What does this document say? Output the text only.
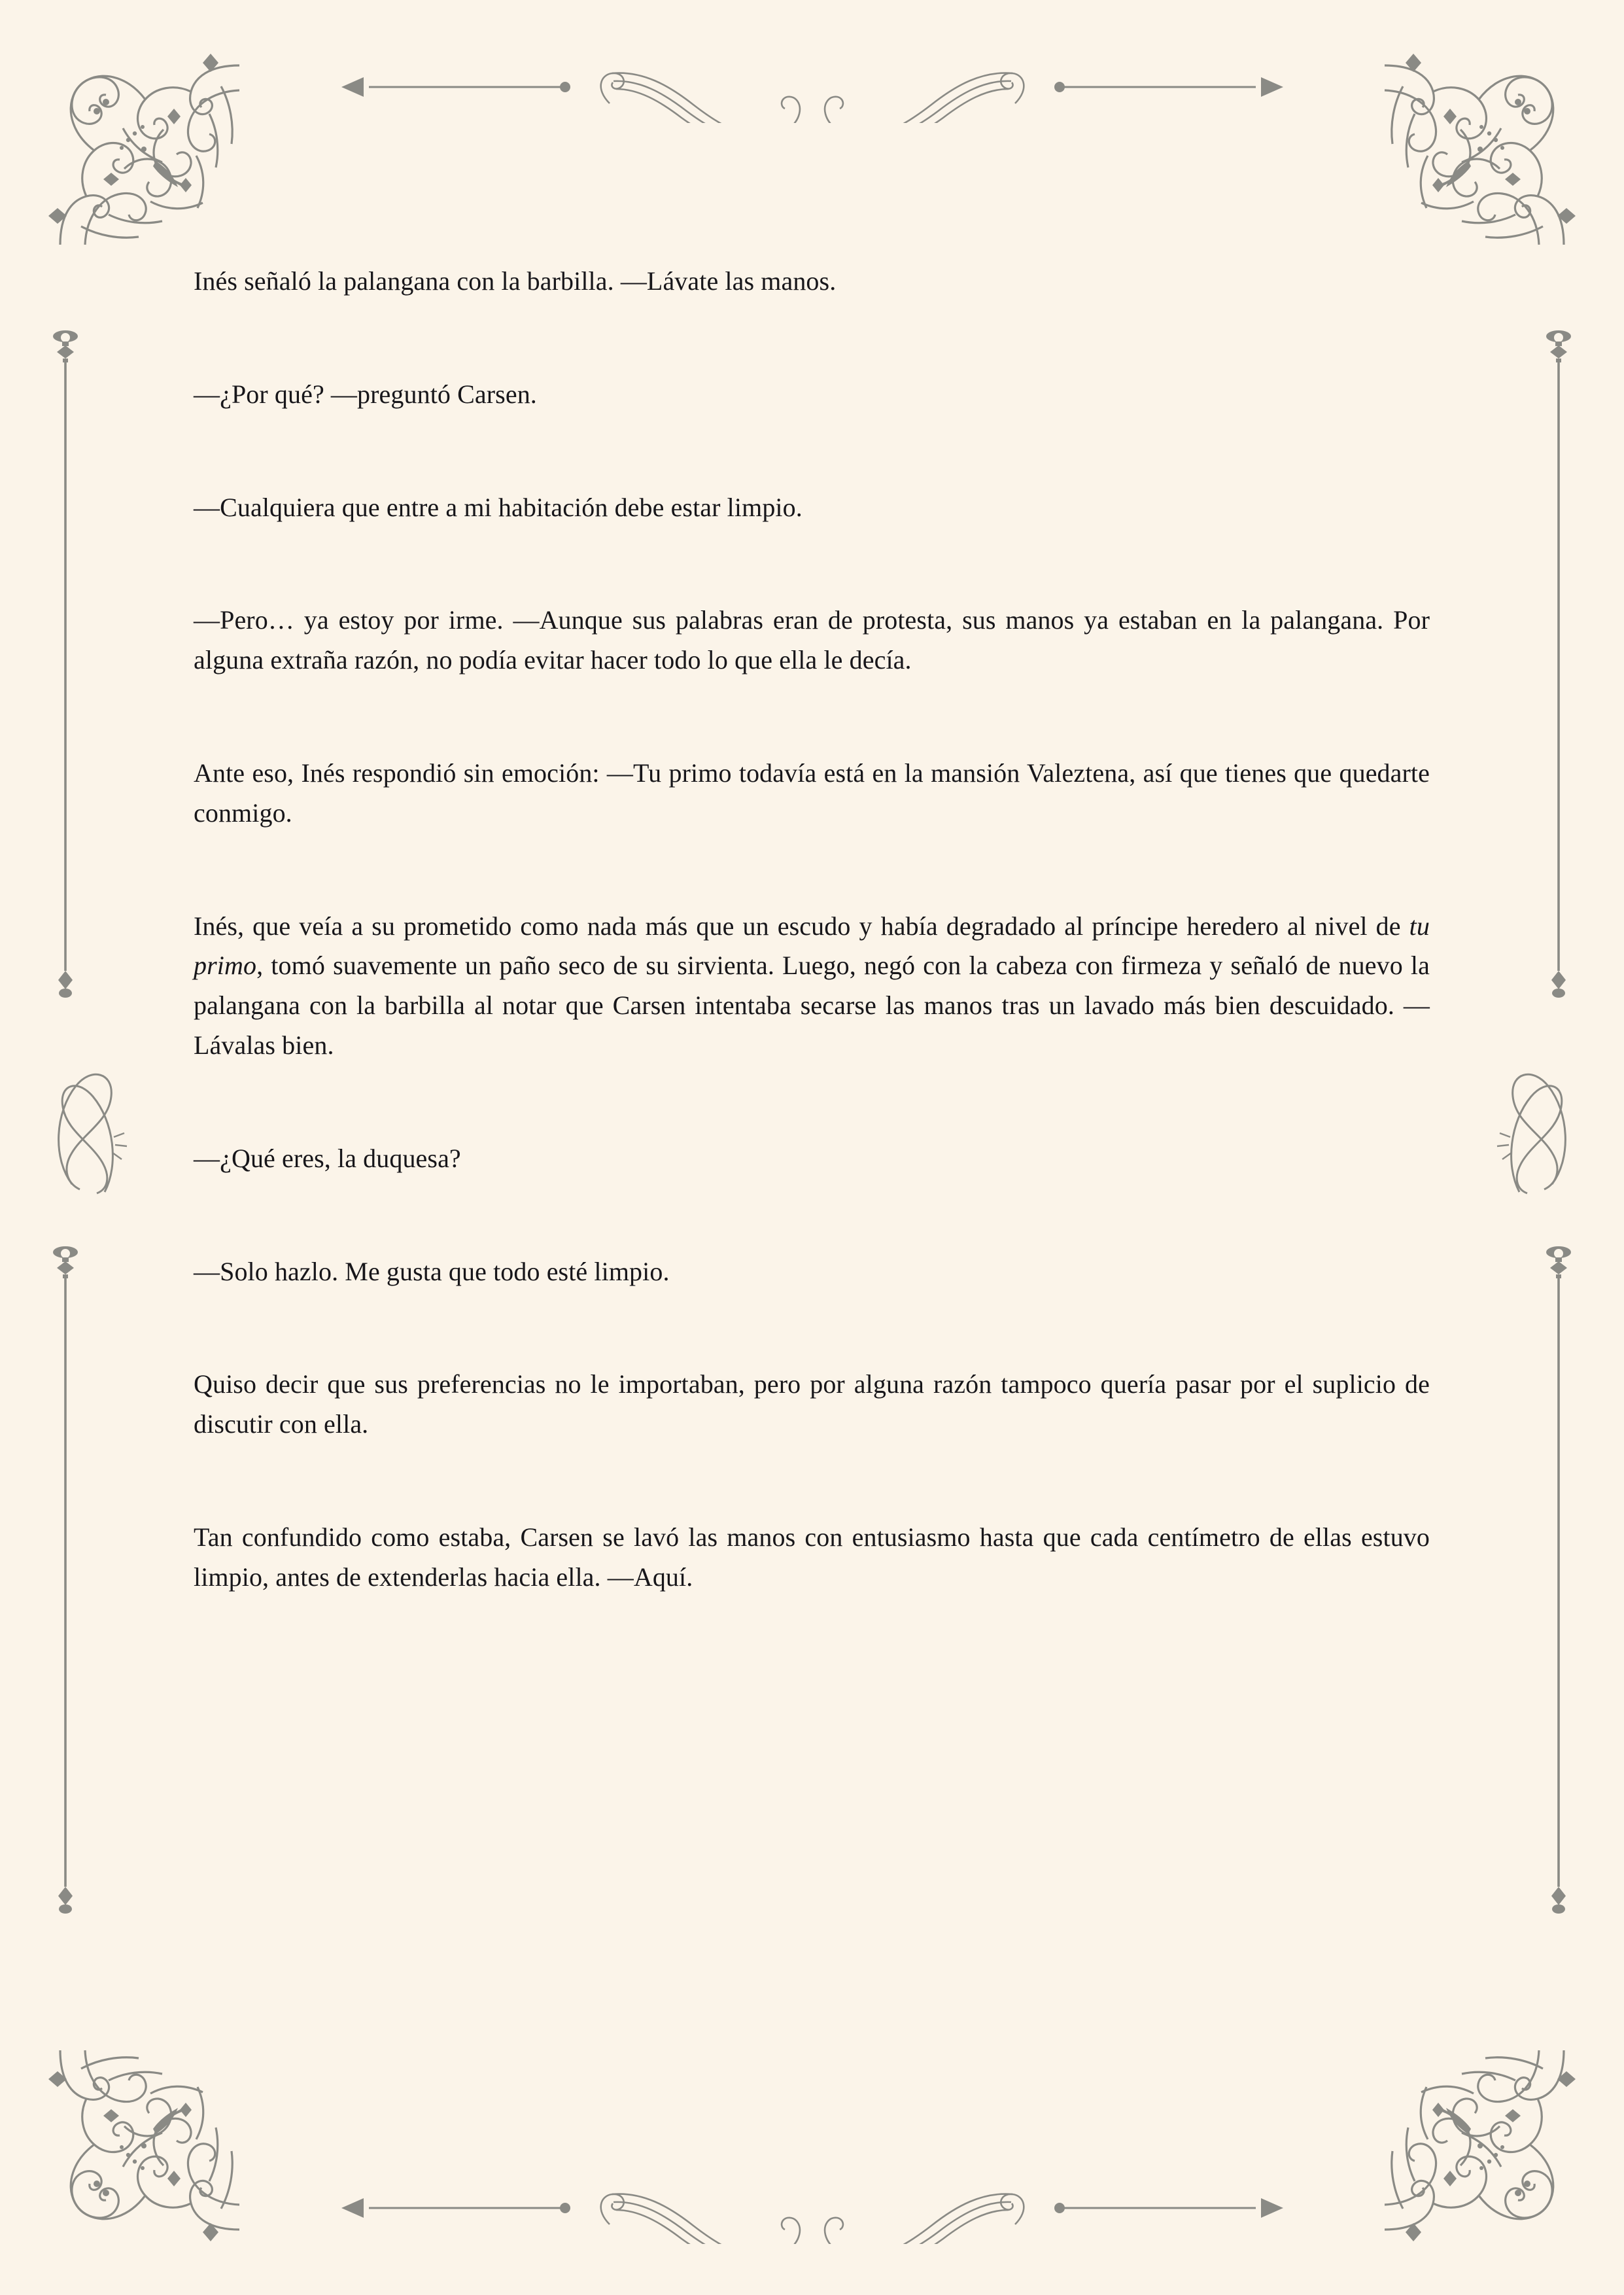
Inés señaló la palangana con la barbilla. —Lávate las manos.

—¿Por qué? —preguntó Carsen.

—Cualquiera que entre a mi habitación debe estar limpio.

—Pero… ya estoy por irme. —Aunque sus palabras eran de protesta, sus manos ya estaban en la palangana. Por alguna extraña razón, no podía evitar hacer todo lo que ella le decía.

Ante eso, Inés respondió sin emoción: —Tu primo todavía está en la mansión Valeztena, así que tienes que quedarte conmigo.

Inés, que veía a su prometido como nada más que un escudo y había degradado al príncipe heredero al nivel de tu primo, tomó suavemente un paño seco de su sirvienta. Luego, negó con la cabeza con firmeza y señaló de nuevo la palangana con la barbilla al notar que Carsen intentaba secarse las manos tras un lavado más bien descuidado. —Lávalas bien.

—¿Qué eres, la duquesa?

—Solo hazlo. Me gusta que todo esté limpio.

Quiso decir que sus preferencias no le importaban, pero por alguna razón tampoco quería pasar por el suplicio de discutir con ella.

Tan confundido como estaba, Carsen se lavó las manos con entusiasmo hasta que cada centímetro de ellas estuvo limpio, antes de extenderlas hacia ella. —Aquí.
